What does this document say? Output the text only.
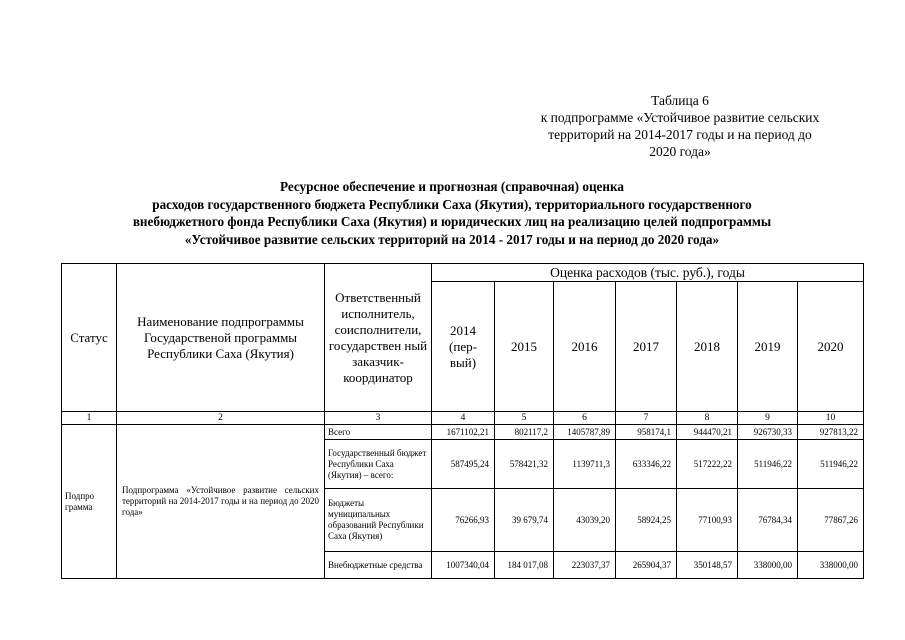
Таблица 6
к подпрограмме «Устойчивое развитие сельских
территорий на 2014-2017 годы и на период до
2020 года»
Ресурсное обеспечение и прогнозная (справочная) оценка
расходов государственного бюджета Республики Саха (Якутия), территориального государственного
внебюджетного фонда Республики Саха (Якутия) и юридических лиц на реализацию целей подпрограммы
«Устойчивое развитие сельских территорий на 2014 - 2017 годы и на период до 2020 года»
Статус	Наименование подпрограммы Государственой программы Республики Саха (Якутия)	Ответственный исполнитель, соисполнители, государствен ный заказчик-координатор	Оценка расходов (тыс. руб.), годы						
			2014 (пер-вый)	2015	2016	2017	2018	2019	2020
1	2	3	4	5	6	7	8	9	10
Подпро грамма	Подпрограмма «Устойчивое развитие сельских территорий на 2014-2017 годы и на период до 2020 года»	Всего	1671102,21	802117,2	1405787,89	958174,1	944470,21	926730,33	927813,22
		Государственный бюджет Республики Саха (Якутия) – всего:	587495,24	578421,32	1139711,3	633346,22	517222,22	511946,22	511946,22
		Бюджеты муниципальных образований Республики Саха (Якутия)	76266,93	39 679,74	43039,20	58924,25	77100,93	76784,34	77867,26
		Внебюджетные средства	1007340,04	184 017,08	223037,37	265904,37	350148,57	338000,00	338000,00
